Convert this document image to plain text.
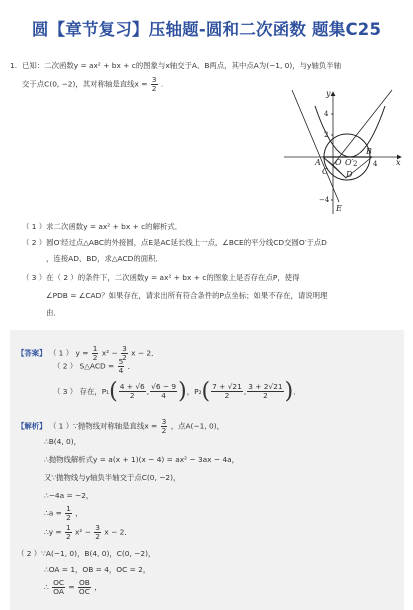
圆【章节复习】压轴题-圆和二次函数 题集C25
1. 已知：二次函数y = ax² + bx + c的图象与x轴交于A、B两点，其中点A为(−1, 0)，与y轴负半轴
交于点C(0, −2)，其对称轴是直线$x = \frac{3}{2}$ .
4
2
2 4
−4
x
y
A O O′
B
C D
E
（ 1 ）求二次函数y = ax² + bx + c的解析式．
（ 2 ）圆O′经过点△ABC的外接圆，点E是AC延长线上一点，∠BCE的平分线CD交圆O′于点D
，连接AD、BD，求△ACD的面积．
（ 3 ）在（ 2 ）的条件下，二次函数y = ax² + bx + c的图象上是否存在点P，使得
∠PDB = ∠CAD？如果存在，请求出所有符合条件的P点坐标；如果不存在，请说明理
由．
【答案】 （ 1 ） $y = \frac{1}{2} x^2 - \frac{3}{2}$ x − 2．
（ 2 ） S△ACD = $\frac{5}{4}$ ．
（ 3 ） 存在，$P_1( \frac{4 + √6}{2}$ , $\frac{√6 - 9}{4}$ )，$P_2( \frac{7 + √21}{2}$ , $\frac{3 + 2√21}{2}$ )．
【解析】 （ 1 ）∵抛物线对称轴是直线$x = \frac{3}{2}$ ，点A(−1, 0)，
∴B(4, 0)，
∴抛物线解析式y = a(x + 1)(x − 4) = ax² − 3ax − 4a，
又∵抛物线与y轴负半轴交于点C(0, −2)，
∴−4a = −2，
∴a = $\frac{1}{2}$ ，
∴y = $\frac{1}{2} x^2 - \frac{3}{2}$ x − 2．
（ 2 ）∵A(−1, 0)，B(4, 0)，C(0, −2)，
∴OA = 1，OB = 4，OC = 2，
∴ $\frac{OC}{OA} = \frac{OB}{OC}$ ，
